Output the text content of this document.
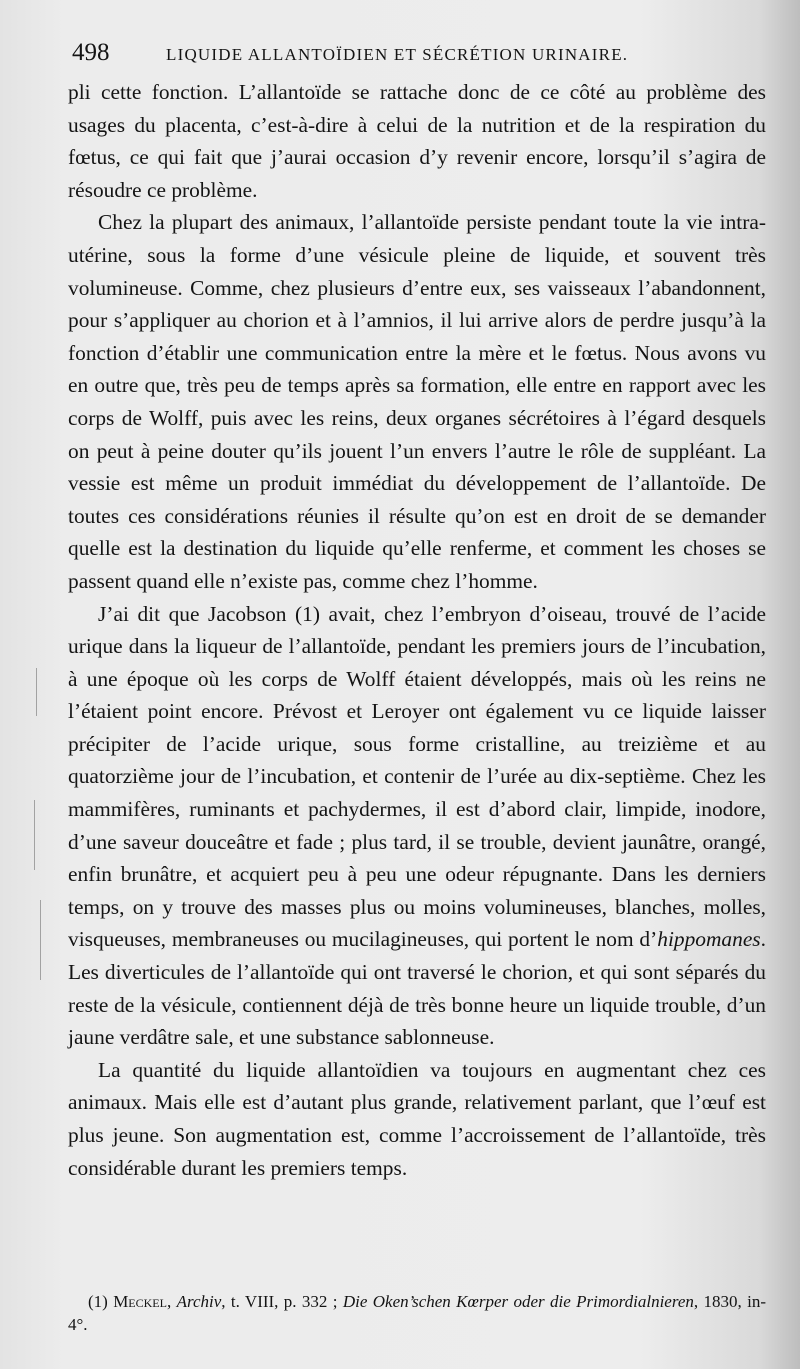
498	LIQUIDE ALLANTOÏDIEN ET SÉCRÉTION URINAIRE.

pli cette fonction. L’allantoïde se rattache donc de ce côté au problème des usages du placenta, c’est-à-dire à celui de la nutrition et de la respiration du fœtus, ce qui fait que j’aurai occasion d’y revenir encore, lorsqu’il s’agira de résoudre ce problème.

Chez la plupart des animaux, l’allantoïde persiste pendant toute la vie intra-utérine, sous la forme d’une vésicule pleine de liquide, et souvent très volumineuse. Comme, chez plusieurs d’entre eux, ses vaisseaux l’abandonnent, pour s’appliquer au chorion et à l’amnios, il lui arrive alors de perdre jusqu’à la fonction d’établir une communication entre la mère et le fœtus. Nous avons vu en outre que, très peu de temps après sa formation, elle entre en rapport avec les corps de Wolff, puis avec les reins, deux organes sécrétoires à l’égard desquels on peut à peine douter qu’ils jouent l’un envers l’autre le rôle de suppléant. La vessie est même un produit immédiat du développement de l’allantoïde. De toutes ces considérations réunies il résulte qu’on est en droit de se demander quelle est la destination du liquide qu’elle renferme, et comment les choses se passent quand elle n’existe pas, comme chez l’homme.

J’ai dit que Jacobson (1) avait, chez l’embryon d’oiseau, trouvé de l’acide urique dans la liqueur de l’allantoïde, pendant les premiers jours de l’incubation, à une époque où les corps de Wolff étaient développés, mais où les reins ne l’étaient point encore. Prévost et Leroyer ont également vu ce liquide laisser précipiter de l’acide urique, sous forme cristalline, au treizième et au quatorzième jour de l’incubation, et contenir de l’urée au dix-septième. Chez les mammifères, ruminants et pachydermes, il est d’abord clair, limpide, inodore, d’une saveur douceâtre et fade ; plus tard, il se trouble, devient jaunâtre, orangé, enfin brunâtre, et acquiert peu à peu une odeur répugnante. Dans les derniers temps, on y trouve des masses plus ou moins volumineuses, blanches, molles, visqueuses, membraneuses ou mucilagineuses, qui portent le nom d’hippomanes. Les diverticules de l’allantoïde qui ont traversé le chorion, et qui sont séparés du reste de la vésicule, contiennent déjà de très bonne heure un liquide trouble, d’un jaune verdâtre sale, et une substance sablonneuse.

La quantité du liquide allantoïdien va toujours en augmentant chez ces animaux. Mais elle est d’autant plus grande, relativement parlant, que l’œuf est plus jeune. Son augmentation est, comme l’accroissement de l’allantoïde, très considérable durant les premiers temps.

(1) Meckel, Archiv, t. VIII, p. 332 ; Die Oken’schen Kœrper oder die Primordialnieren, 1830, in-4°.
